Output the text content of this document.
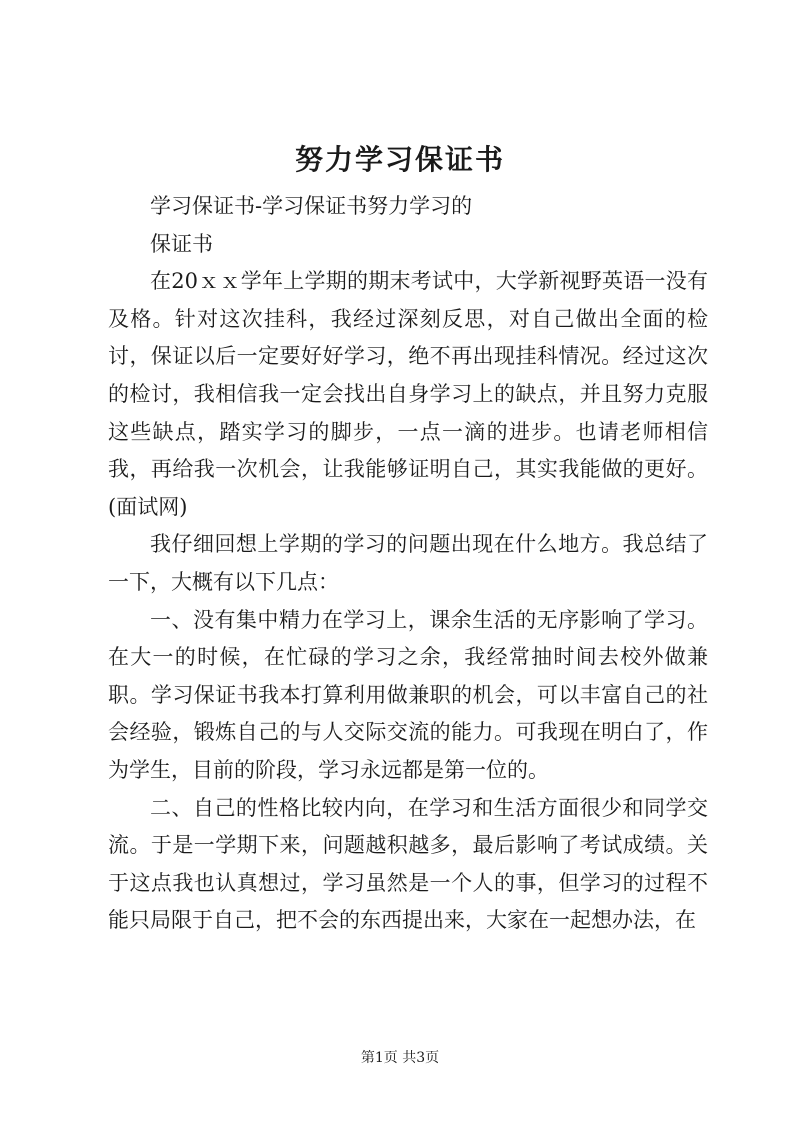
努力学习保证书

学习保证书-学习保证书努力学习的

保证书

在20ｘｘ学年上学期的期末考试中，大学新视野英语一没有及格。针对这次挂科，我经过深刻反思，对自己做出全面的检讨，保证以后一定要好好学习，绝不再出现挂科情况。经过这次的检讨，我相信我一定会找出自身学习上的缺点，并且努力克服这些缺点，踏实学习的脚步，一点一滴的进步。也请老师相信我，再给我一次机会，让我能够证明自己，其实我能做的更好。(面试网)

我仔细回想上学期的学习的问题出现在什么地方。我总结了一下，大概有以下几点：

一、没有集中精力在学习上，课余生活的无序影响了学习。在大一的时候，在忙碌的学习之余，我经常抽时间去校外做兼职。学习保证书我本打算利用做兼职的机会，可以丰富自己的社会经验，锻炼自己的与人交际交流的能力。可我现在明白了，作为学生，目前的阶段，学习永远都是第一位的。

二、自己的性格比较内向，在学习和生活方面很少和同学交流。于是一学期下来，问题越积越多，最后影响了考试成绩。关于这点我也认真想过，学习虽然是一个人的事，但学习的过程不能只局限于自己，把不会的东西提出来，大家在一起想办法，在

第1页 共3页
